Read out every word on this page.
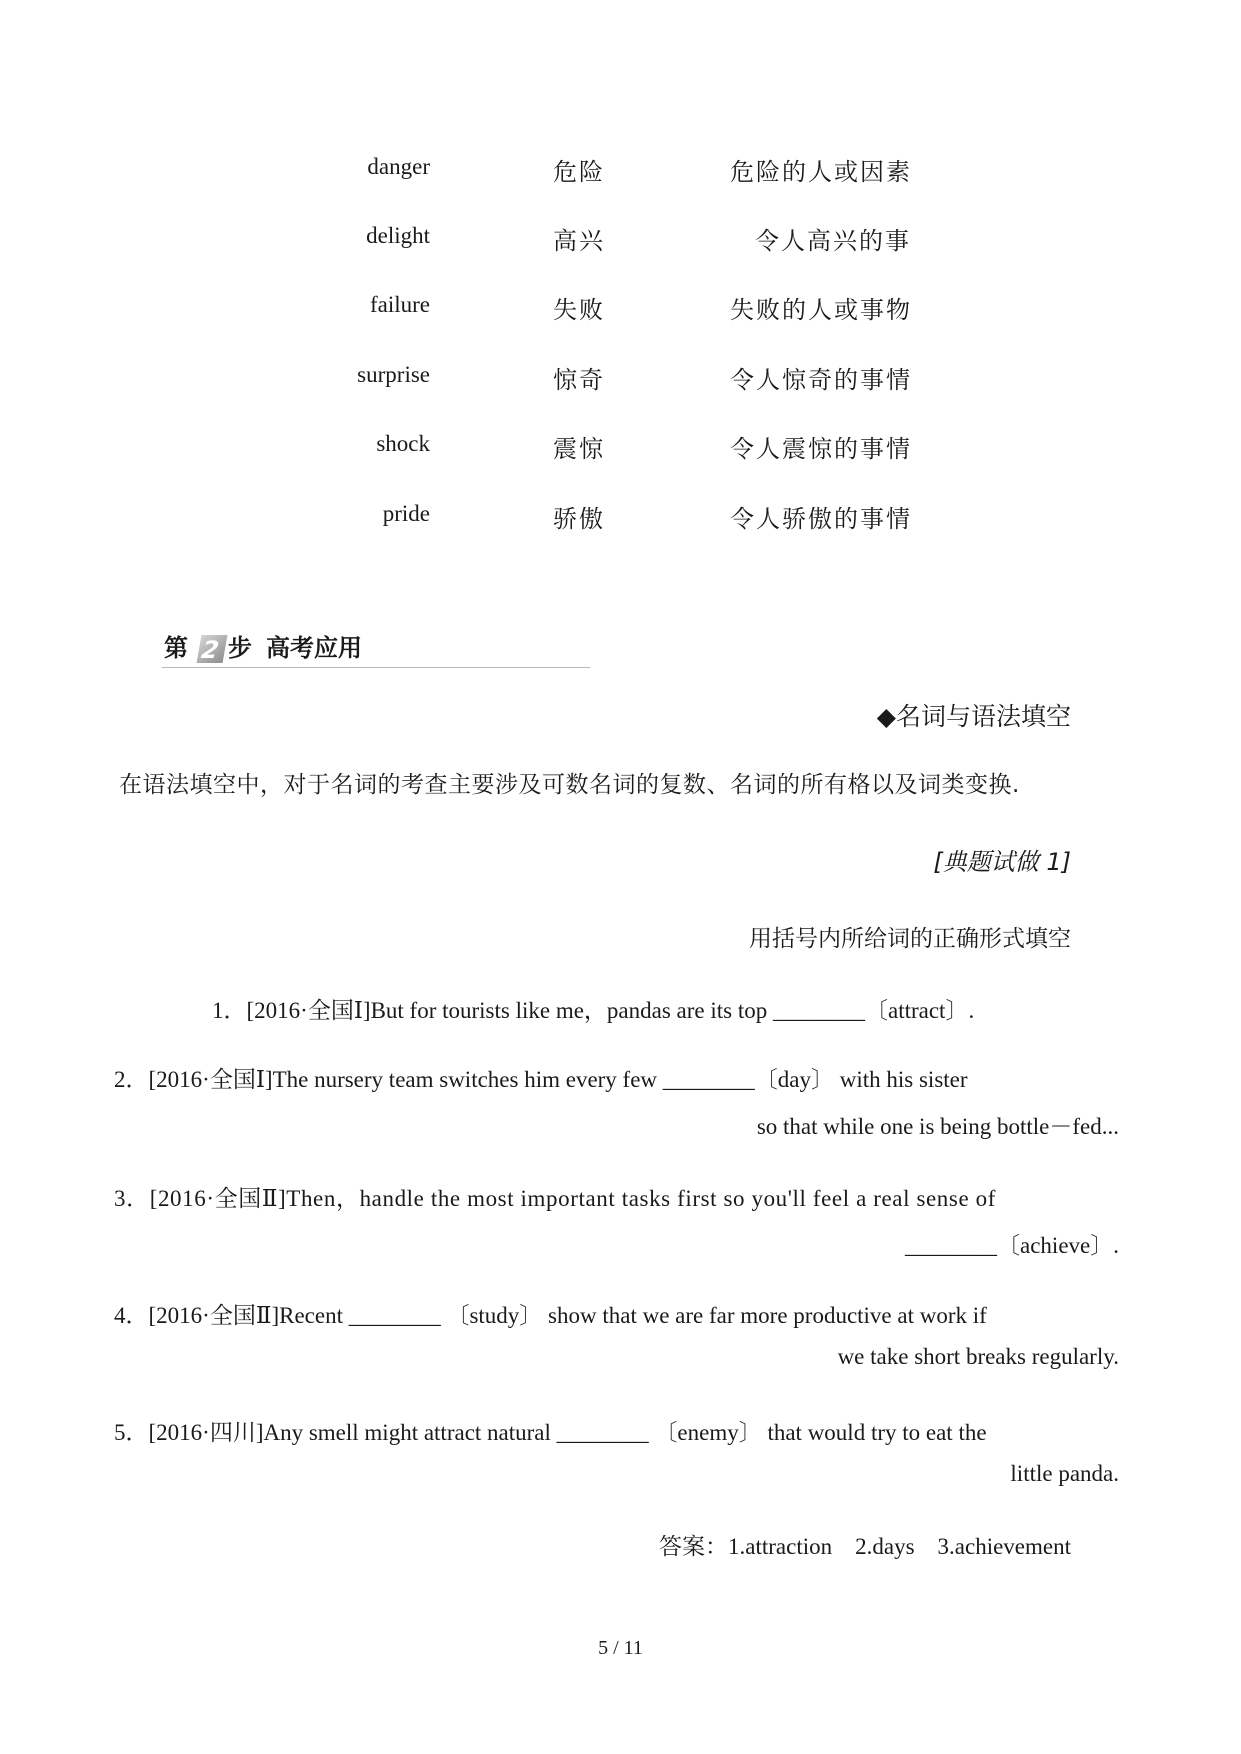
danger	危险	危险的人或因素
delight	高兴	令人高兴的事
failure	失败	失败的人或事物
surprise	惊奇	令人惊奇的事情
shock	震惊	令人震惊的事情
pride	骄傲	令人骄傲的事情
第 2 步 高考应用
◆名词与语法填空
在语法填空中，对于名词的考查主要涉及可数名词的复数、名词的所有格以及词类变换.
[典题试做 1]
用括号内所给词的正确形式填空
1．[2016·全国Ⅰ]But for tourists like me，pandas are its top ________〔attract〕.
2．[2016·全国Ⅰ]The nursery team switches him every few ________〔day〕 with his sister
so that while one is being bottle－fed...
3．[2016·全国Ⅱ]Then，handle the most important tasks first so you'll feel a real sense of
________〔achieve〕.
4．[2016·全国Ⅱ]Recent ________ 〔study〕 show that we are far more productive at work if
we take short breaks regularly.
5．[2016·四川]Any smell might attract natural ________ 〔enemy〕 that would try to eat the
little panda.
答案：1.attraction　2.days　3.achievement
5 / 11
